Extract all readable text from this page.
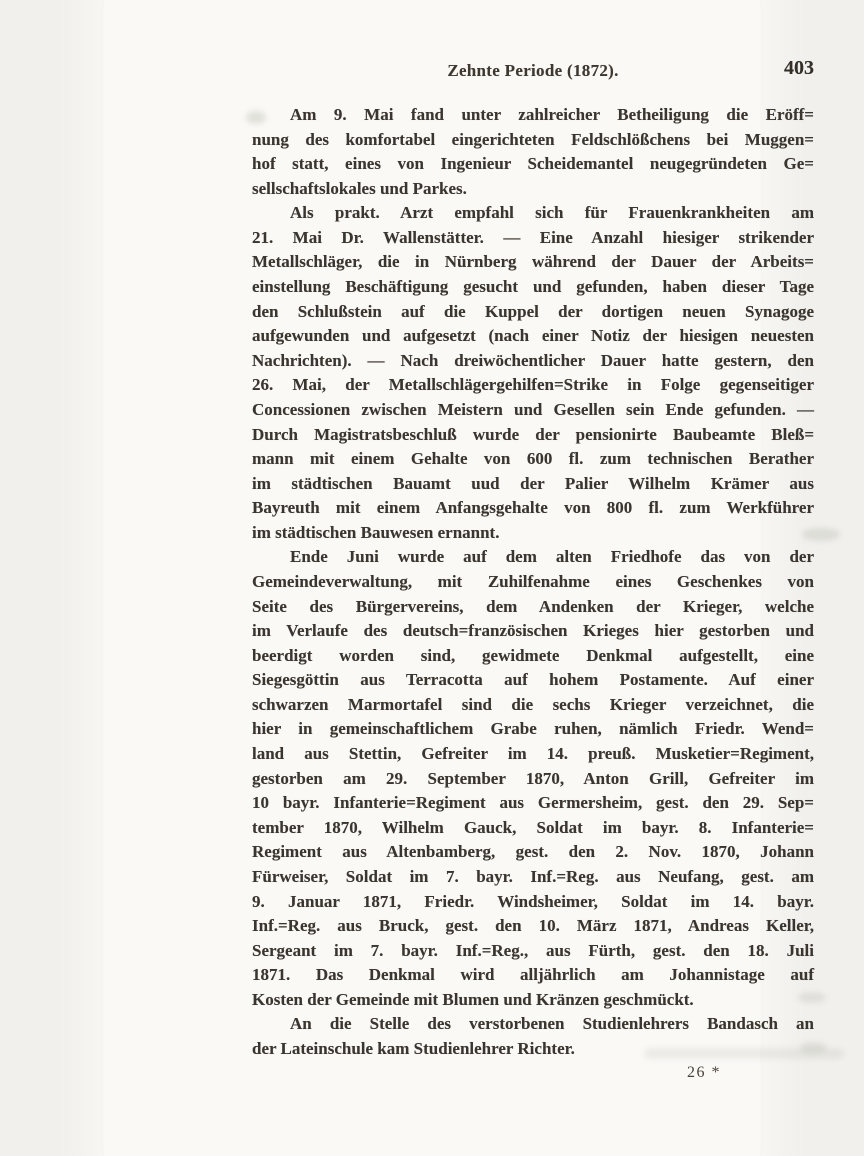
Zehnte Periode (1872).	403
Am 9. Mai fand unter zahlreicher Betheiligung die Eröff=
nung des komfortabel eingerichteten Feldschlößchens bei Muggen=
hof statt, eines von Ingenieur Scheidemantel neugegründeten Ge=
sellschaftslokales und Parkes.
Als prakt. Arzt empfahl sich für Frauenkrankheiten am
21. Mai Dr. Wallenstätter. — Eine Anzahl hiesiger strikender
Metallschläger, die in Nürnberg während der Dauer der Arbeits=
einstellung Beschäftigung gesucht und gefunden, haben dieser Tage
den Schlußstein auf die Kuppel der dortigen neuen Synagoge
aufgewunden und aufgesetzt (nach einer Notiz der hiesigen neuesten
Nachrichten). — Nach dreiwöchentlicher Dauer hatte gestern, den
26. Mai, der Metallschlägergehilfen=Strike in Folge gegenseitiger
Concessionen zwischen Meistern und Gesellen sein Ende gefunden. —
Durch Magistratsbeschluß wurde der pensionirte Baubeamte Bleß=
mann mit einem Gehalte von 600 fl. zum technischen Berather
im städtischen Bauamt uud der Palier Wilhelm Krämer aus
Bayreuth mit einem Anfangsgehalte von 800 fl. zum Werkführer
im städtischen Bauwesen ernannt.
Ende Juni wurde auf dem alten Friedhofe das von der
Gemeindeverwaltung, mit Zuhilfenahme eines Geschenkes von
Seite des Bürgervereins, dem Andenken der Krieger, welche
im Verlaufe des deutsch=französischen Krieges hier gestorben und
beerdigt worden sind, gewidmete Denkmal aufgestellt, eine
Siegesgöttin aus Terracotta auf hohem Postamente. Auf einer
schwarzen Marmortafel sind die sechs Krieger verzeichnet, die
hier in gemeinschaftlichem Grabe ruhen, nämlich Friedr. Wend=
land aus Stettin, Gefreiter im 14. preuß. Musketier=Regiment,
gestorben am 29. September 1870, Anton Grill, Gefreiter im
10 bayr. Infanterie=Regiment aus Germersheim, gest. den 29. Sep=
tember 1870, Wilhelm Gauck, Soldat im bayr. 8. Infanterie=
Regiment aus Altenbamberg, gest. den 2. Nov. 1870, Johann
Fürweiser, Soldat im 7. bayr. Inf.=Reg. aus Neufang, gest. am
9. Januar 1871, Friedr. Windsheimer, Soldat im 14. bayr.
Inf.=Reg. aus Bruck, gest. den 10. März 1871, Andreas Keller,
Sergeant im 7. bayr. Inf.=Reg., aus Fürth, gest. den 18. Juli
1871. Das Denkmal wird alljährlich am Johannistage auf
Kosten der Gemeinde mit Blumen und Kränzen geschmückt.
An die Stelle des verstorbenen Studienlehrers Bandasch an
der Lateinschule kam Studienlehrer Richter.
26 *
